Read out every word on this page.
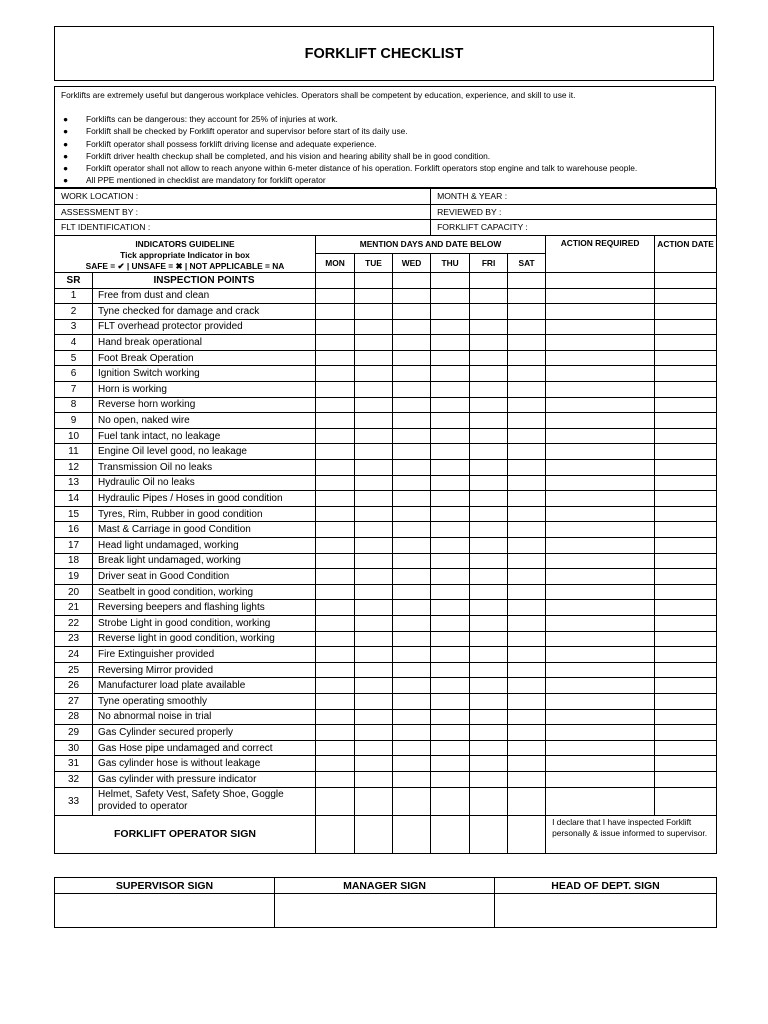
FORKLIFT CHECKLIST
Forklifts are extremely useful but dangerous workplace vehicles. Operators shall be competent by education, experience, and skill to use it.
● Forklifts can be dangerous: they account for 25% of injuries at work.
● Forklift shall be checked by Forklift operator and supervisor before start of its daily use.
● Forklift operator shall possess forklift driving license and adequate experience.
● Forklift driver health checkup shall be completed, and his vision and hearing ability shall be in good condition.
● Forklift operator shall not allow to reach anyone within 6-meter distance of his operation. Forklift operators stop engine and talk to warehouse people.
● All PPE mentioned in checklist are mandatory for forklift operator
WORK LOCATION :					MONTH & YEAR :				
ASSESSMENT BY :					REVIEWED BY :				
FLT IDENTIFICATION :					FORKLIFT CAPACITY :				

INDICATORS GUIDELINE
Tick appropriate Indicator in box
SAFE = ✔ | UNSAFE = ✖ | NOT APPLICABLE = NA		MENTION DAYS AND DATE BELOW						ACTION REQUIRED	ACTION DATE
		MON	TUE	WED	THU	FRI	SAT		
SR	INSPECTION POINTS								
1	Free from dust and clean								
2	Tyne checked for damage and crack								
3	FLT overhead protector provided								
4	Hand break operational								
5	Foot Break Operation								
6	Ignition Switch working								
7	Horn is working								
8	Reverse horn working								
9	No open, naked wire								
10	Fuel tank intact, no leakage								
11	Engine Oil level good, no leakage								
12	Transmission Oil no leaks								
13	Hydraulic Oil no leaks								
14	Hydraulic Pipes / Hoses in good condition								
15	Tyres, Rim, Rubber in good condition								
16	Mast & Carriage in good Condition								
17	Head light undamaged, working								
18	Break light undamaged, working								
19	Driver seat in Good Condition								
20	Seatbelt in good condition, working								
21	Reversing beepers and flashing lights								
22	Strobe Light in good condition, working								
23	Reverse light in good condition, working								
24	Fire Extinguisher provided								
25	Reversing Mirror provided								
26	Manufacturer load plate available								
27	Tyne operating smoothly								
28	No abnormal noise in trial								
29	Gas Cylinder secured properly								
30	Gas Hose pipe undamaged and correct								
31	Gas cylinder hose is without leakage								
32	Gas cylinder with pressure indicator								
33	Helmet, Safety Vest, Safety Shoe, Goggle provided to operator								
FORKLIFT OPERATOR SIGN								I declare that I have inspected Forklift personally & issue informed to supervisor.	
SUPERVISOR SIGN	MANAGER SIGN	HEAD OF DEPT. SIGN
